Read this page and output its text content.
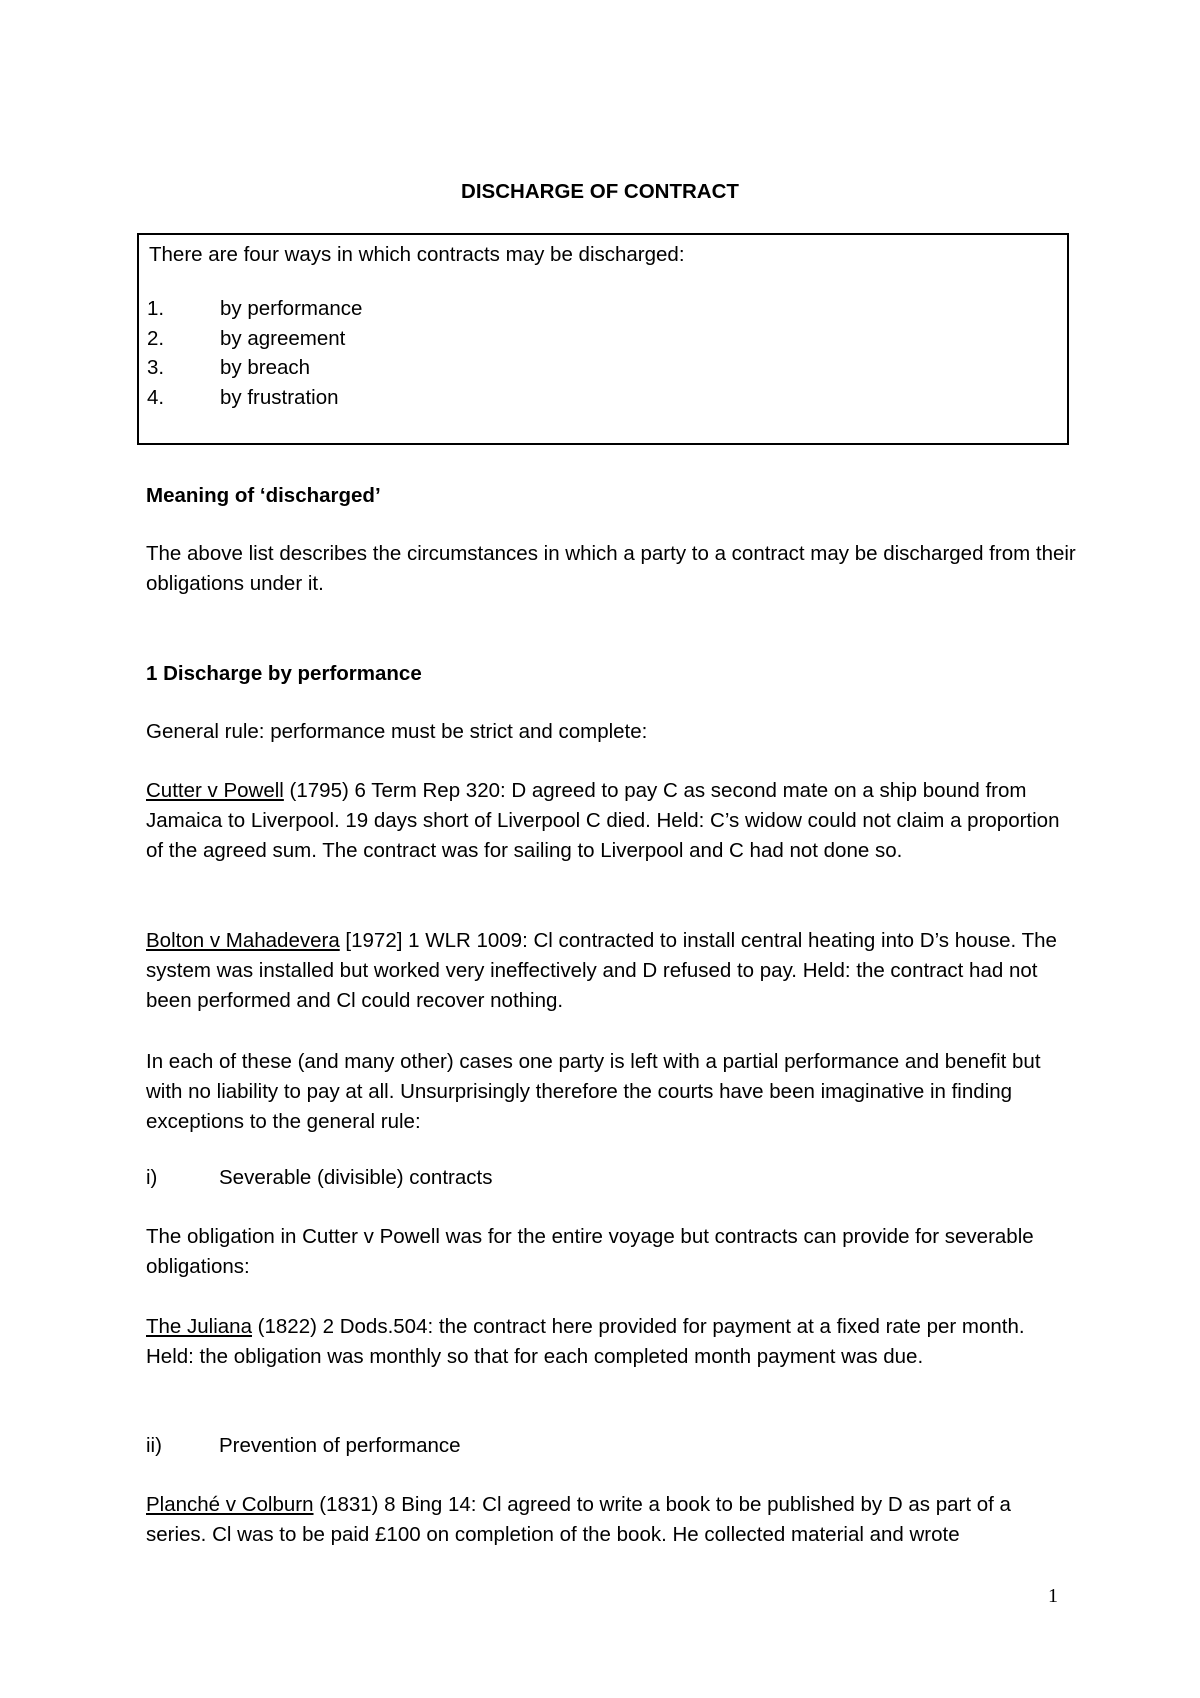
DISCHARGE OF CONTRACT
There are four ways in which contracts may be discharged:
1.	by performance
2.	by agreement
3.	by breach
4.	by frustration
Meaning of ‘discharged’
The above list describes the circumstances in which a party to a contract may be discharged from their obligations under it.
1 Discharge by performance
General rule: performance must be strict and complete:
Cutter v Powell (1795) 6 Term Rep 320: D agreed to pay C as second mate on a ship bound from Jamaica to Liverpool. 19 days short of Liverpool C died. Held: C’s widow could not claim a proportion of the agreed sum. The contract was for sailing to Liverpool and C had not done so.
Bolton v Mahadevera [1972] 1 WLR 1009: Cl contracted to install central heating into D’s house. The system was installed but worked very ineffectively and D refused to pay. Held: the contract had not been performed and Cl could recover nothing.
In each of these (and many other) cases one party is left with a partial performance and benefit but with no liability to pay at all. Unsurprisingly therefore the courts have been imaginative in finding exceptions to the general rule:
i)	Severable (divisible) contracts
The obligation in Cutter v Powell was for the entire voyage but contracts can provide for severable obligations:
The Juliana (1822) 2 Dods.504: the contract here provided for payment at a fixed rate per month. Held: the obligation was monthly so that for each completed month payment was due.
ii)	Prevention of performance
Planché v Colburn (1831) 8 Bing 14: Cl agreed to write a book to be published by D as part of a series. Cl was to be paid £100 on completion of the book. He collected material and wrote
1
